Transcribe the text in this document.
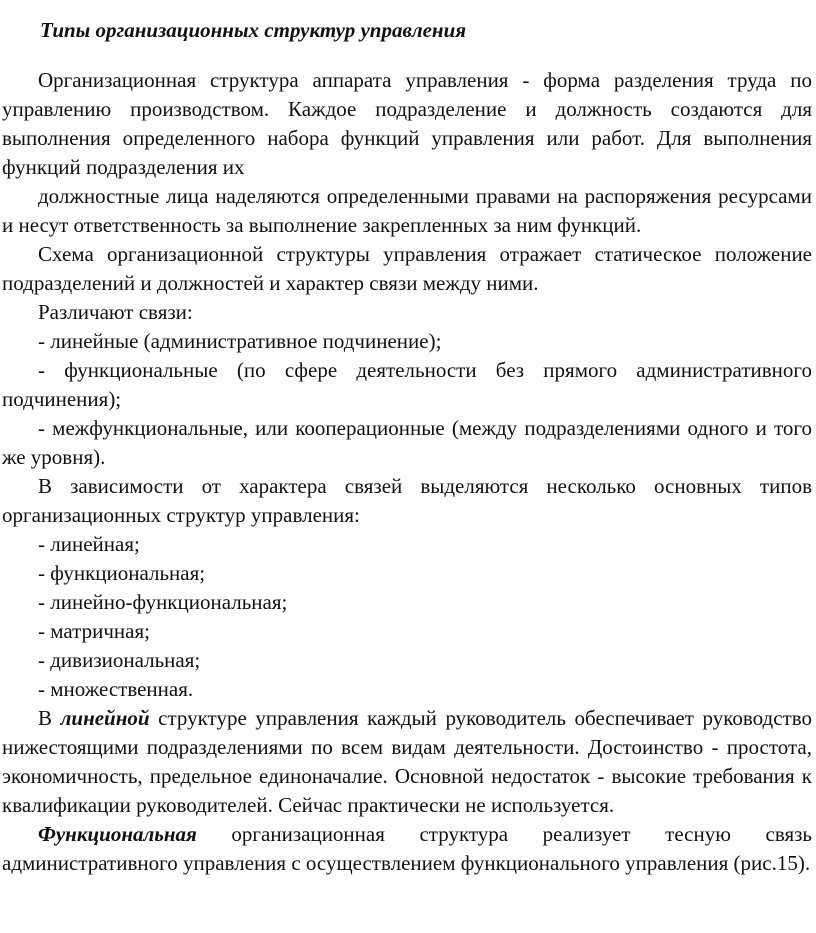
Типы организационных структур управления

Организационная структура аппарата управления - форма разделения труда по управлению производством. Каждое подразделение и должность создаются для выполнения определенного набора функций управления или работ. Для выполнения функций подразделения их

должностные лица наделяются определенными правами на распоряжения ресурсами и несут ответственность за выполнение закрепленных за ним функций.

Схема организационной структуры управления отражает статическое положение подразделений и должностей и характер связи между ними.

Различают связи:

- линейные (административное подчинение);

- функциональные (по сфере деятельности без прямого административного подчинения);

- межфункциональные, или кооперационные (между подразделениями одного и того же уровня).

В зависимости от характера связей выделяются несколько основных типов организационных структур управления:

- линейная;

- функциональная;

- линейно-функциональная;

- матричная;

- дивизиональная;

- множественная.

В линейной структуре управления каждый руководитель обеспечивает руководство нижестоящими подразделениями по всем видам деятельности. Достоинство - простота, экономичность, предельное единоначалие. Основной недостаток - высокие требования к квалификации руководителей. Сейчас практически не используется.

Функциональная организационная структура реализует тесную связь административного управления с осуществлением функционального управления (рис.15).
